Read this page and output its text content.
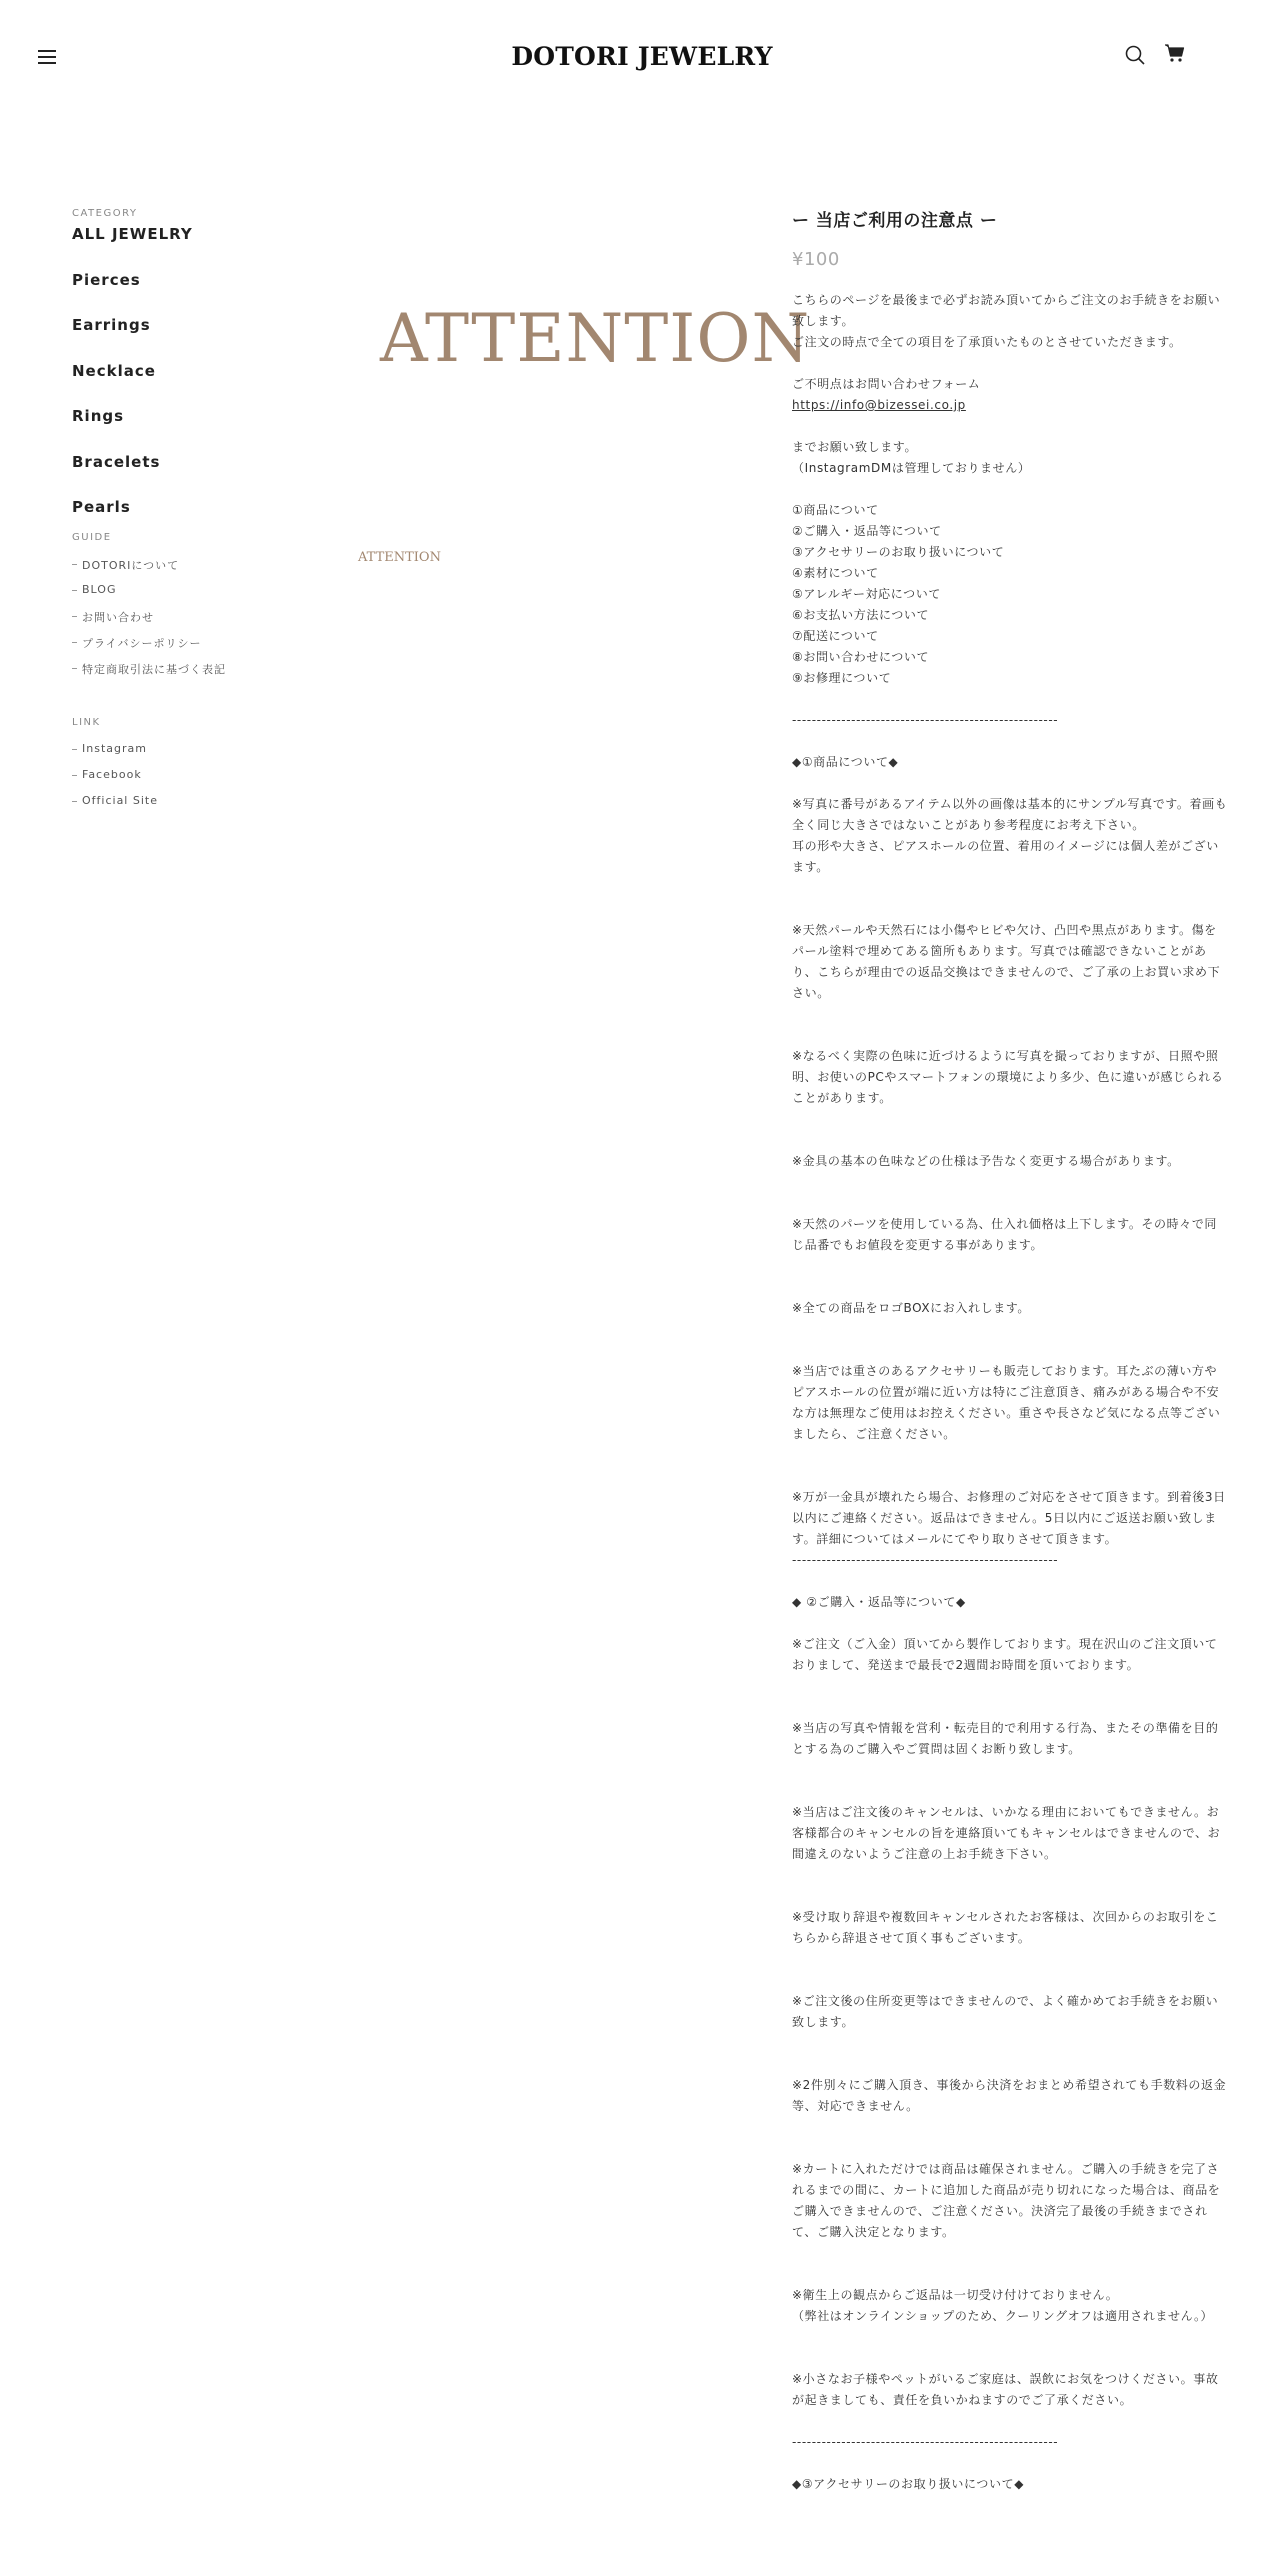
DOTORI JEWELRY
CATEGORY
ALL JEWELRY
Pierces
Earrings
Necklace
Rings
Bracelets
Pearls
GUIDE
DOTORIについて
BLOG
お問い合わせ
プライバシーポリシー
特定商取引法に基づく表記
LINK
Instagram
Facebook
Official Site
ATTENTION
ATTENTION
ー 当店ご利用の注意点 ー
¥100

こちらのページを最後まで必ずお読み頂いてからご注文のお手続きをお願い致します。

ご注文の時点で全ての項目を了承頂いたものとさせていただきます。

ご不明点はお問い合わせフォーム

https://info@bizessei.co.jp

までお願い致します。

（InstagramDMは管理しておりません）

①商品について

②ご購入・返品等について

③アクセサリーのお取り扱いについて

④素材について

⑤アレルギー対応について

⑥お支払い方法について

⑦配送について

⑧お問い合わせについて

⑨お修理について

------------------------------------------------------

◆①商品について◆

※写真に番号があるアイテム以外の画像は基本的にサンプル写真です。着画も全く同じ大きさではないことがあり参考程度にお考え下さい。

耳の形や大きさ、ピアスホールの位置、着用のイメージには個人差がございます。

※天然パールや天然石には小傷やヒビや欠け、凸凹や黒点があります。傷をパール塗料で埋めてある箇所もあります。写真では確認できないことがあり、こちらが理由での返品交換はできませんので、ご了承の上お買い求め下さい。

※なるべく実際の色味に近づけるように写真を撮っておりますが、日照や照明、お使いのPCやスマートフォンの環境により多少、色に違いが感じられることがあります。

※金具の基本の色味などの仕様は予告なく変更する場合があります。

※天然のパーツを使用している為、仕入れ価格は上下します。その時々で同じ品番でもお値段を変更する事があります。

※全ての商品をロゴBOXにお入れします。

※当店では重さのあるアクセサリーも販売しております。耳たぶの薄い方やピアスホールの位置が端に近い方は特にご注意頂き、痛みがある場合や不安な方は無理なご使用はお控えください。重さや長さなど気になる点等ございましたら、ご注意ください。

※万が一金具が壊れたら場合、お修理のご対応をさせて頂きます。到着後3日以内にご連絡ください。返品はできません。5日以内にご返送お願い致します。詳細についてはメールにてやり取りさせて頂きます。

------------------------------------------------------

◆ ②ご購入・返品等について◆

※ご注文（ご入金）頂いてから製作しております。現在沢山のご注文頂いておりまして、発送まで最長で2週間お時間を頂いております。

※当店の写真や情報を営利・転売目的で利用する行為、またその準備を目的とする為のご購入やご質問は固くお断り致します。

※当店はご注文後のキャンセルは、いかなる理由においてもできません。お客様都合のキャンセルの旨を連絡頂いてもキャンセルはできませんので、お間違えのないようご注意の上お手続き下さい。

※受け取り辞退や複数回キャンセルされたお客様は、次回からのお取引をこちらから辞退させて頂く事もございます。

※ご注文後の住所変更等はできませんので、よく確かめてお手続きをお願い致します。

※2件別々にご購入頂き、事後から決済をおまとめ希望されても手数料の返金等、対応できません。

※カートに入れただけでは商品は確保されません。ご購入の手続きを完了されるまでの間に、カートに追加した商品が売り切れになった場合は、商品をご購入できませんので、ご注意ください。決済完了最後の手続きまでされて、ご購入決定となります。

※衛生上の観点からご返品は一切受け付けておりません。

（弊社はオンラインショップのため、クーリングオフは適用されません。）

※小さなお子様やペットがいるご家庭は、誤飲にお気をつけください。事故が起きましても、責任を負いかねますのでご了承ください。

------------------------------------------------------

◆③アクセサリーのお取り扱いについて◆
